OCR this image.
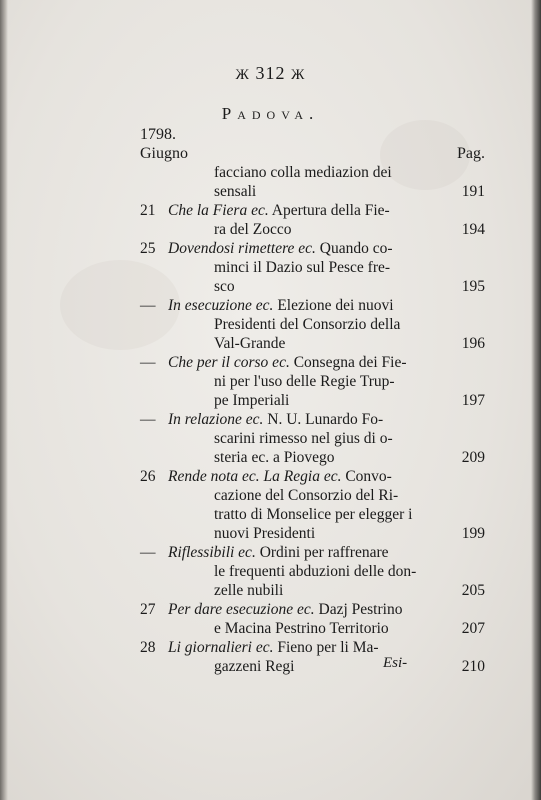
Ж 312 Ж
Padova.
1798.
Giugno	Pag.
facciano colla mediazion dei
sensali	191
21 Che la Fiera ec. Apertura della Fie-
ra del Zocco	194
25 Dovendosi rimettere ec. Quando co-
minci il Dazio sul Pesce fre-
sco	195
— In esecuzione ec. Elezione dei nuovi
Presidenti del Consorzio della
Val-Grande	196
— Che per il corso ec. Consegna dei Fie-
ni per l'uso delle Regie Trup-
pe Imperiali	197
— In relazione ec. N. U. Lunardo Fo-
scarini rimesso nel gius di o-
steria ec. a Piovego	209
26 Rende nota ec. La Regia ec. Convo-
cazione del Consorzio del Ri-
tratto di Monselice per elegger i nuovi Presidenti	199
— Riflessibili ec. Ordini per raffrenare
le frequenti abduzioni delle don-
zelle nubili	205
27 Per dare esecuzione ec. Dazj Pestrino
e Macina Pestrino Territorio	207
28 Li giornalieri ec. Fieno per li Ma-
gazzeni Regi	210
Esi-
